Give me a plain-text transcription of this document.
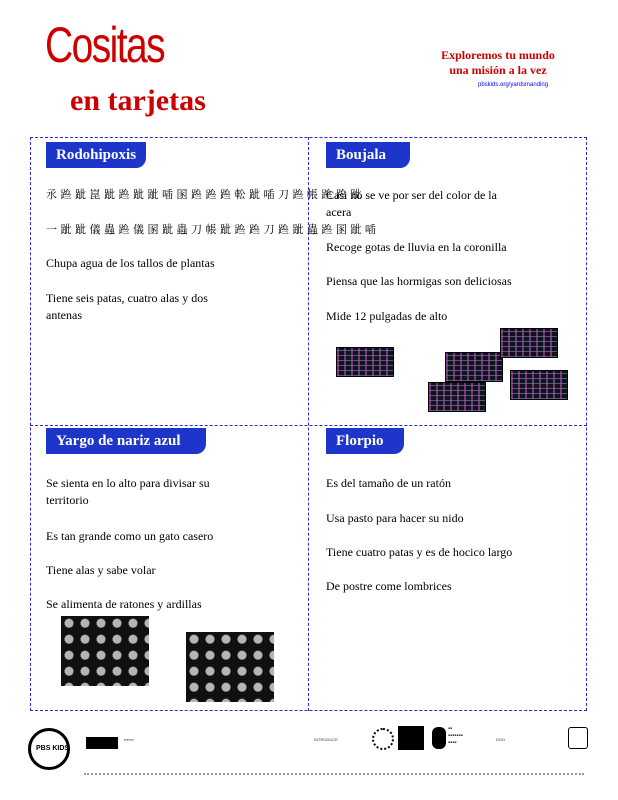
Cositas
en tarjetas
Exploremos tu mundo
una misión a la vez
pbskids.org/yardsmanding
Rodohipoxis
氶 䠁 跐 崑 跐 䠁 跐 跐 喢 圂 䠁 䠁 䠁 䡆 跐 喢 刀 䠁 帳 䠁 䠁 跐
一 跐 跐 儀 蟲 䠁 儀 圂 跐 蟲 刀 帳 跐 䠁 䠁 刀 䠁 跐 蟲 䠁 圂 跐 喢
Chupa agua de los tallos de plantas
Tiene seis patas, cuatro alas y dos antenas
Boujala
Casi no se ve por ser del color de la acera
Recoge gotas de lluvia en la coronilla
Piensa que las hormigas son deliciosas
Mide 12 pulgadas de alto
Yargo de nariz azul
Se sienta en lo alto para divisar su territorio
Es tan grande como un gato casero
Tiene alas y sabe volar
Se alimenta de ratones y ardillas
Florpio
Es del tamaño de un ratón
Usa pasto para hacer su nido
Tiene cuatro patas y es de hocico largo
De postre come lombrices
PBS KIDS
▪▪▪▪▪▪▪	INTRODUCE
▪▪
▪▪▪▪▪▪▪
▪▪▪▪
DGO
